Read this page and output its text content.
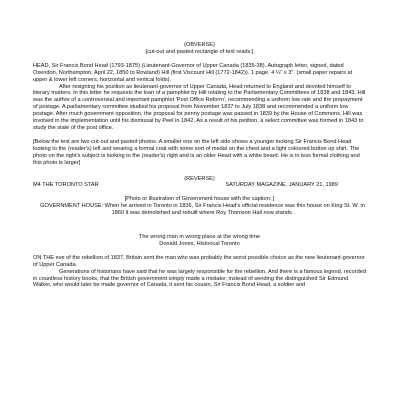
(OBVERSE)

[cut-out and pasted rectangle of text reads:]

HEAD, Sir Francis Bond Head (1793-1875) (Lieutenant-Governor of Upper Canada (1835-38). Autograph letter, signed, dated Oxendon, Northampton, April 22, 1850 to Rowland) Hill (first Viscount Hill (1772-1842)). 1 page. 4 ¼" x 3". (small paper repairs at upper & lower left corners, horizontal and vertical folds).

After resigning his position as lieutenant-governor of Upper Canada, Head returned to England and devoted himself to literary matters. In this letter he requests the loan of a pamphlet by Hill relating to the Parliamentary Committees of 1838 and 1843. Hill was the author of a controversial and important pamphlet 'Post Office Reform', recommending a uniform low rate and the prepayment of postage. A parliamentary committee studied his proposal from November 1837 to July 1838 and recommended a uniform low postage. After much government opposition, the proposal for penny postage was passed in 1839 by the House of Commons. Hill was involved in the implementation until his dismissal by Peel in 1842. As a result of his petition, a select committee was formed in 1843 to study the state of the post office.

[Below the text are two cut-out and pasted photos. A smaller one on the left side shows a younger looking Sir Francis Bond Head looking to the (reader's) left and wearing a formal coat with some sort of medal on the chest and a light coloured button up shirt. The photo on the right's subject is looking to the (reader's) right and is an older Head with a white beard. He is in less formal clothing and this photo is larger]

(REVERSE)

M4 THE TORONTO STAR	SATURDAY MAGAZINE, JANUARY 21, 1989

[Photo or illustration of Government house with the caption: ]

GOVERNMENT HOUSE: When he arrived in Toronto in 1836, Sir Francis Head's official residence was this house on King St. W. in 1860 it was demolished and rebuilt where Roy Thomson Hall now stands.

The wrong man in wrong place at the wrong time

Donald Jones, Historical Toronto

ON THE eve of the rebellion of 1837, Britain sent the man who was probably the worst possible choice as the new lieutenant-governor of Upper Canada.

Generations of historians have said that he was largely responsible for the rebellion. And there is a famous legend, recorded in countless history books, that the British government simply made a mistake; instead of sending the distinguished Sir Edmund Walker, who would later be made governor of Canada, it sent his cousin, Sir Francis Bond Head, a soldier and
